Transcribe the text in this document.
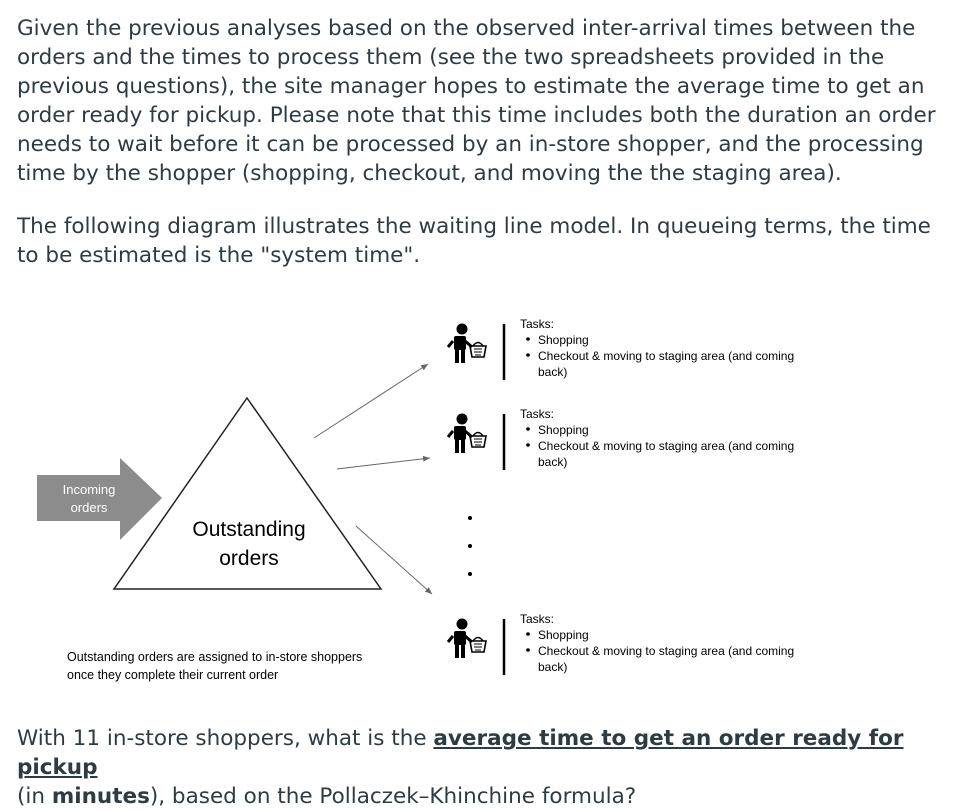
Given the previous analyses based on the observed inter-arrival times between the orders and the times to process them (see the two spreadsheets provided in the previous questions), the site manager hopes to estimate the average time to get an order ready for pickup. Please note that this time includes both the duration an order needs to wait before it can be processed by an in-store shopper, and the processing time by the shopper (shopping, checkout, and moving the the staging area).

The following diagram illustrates the waiting line model. In queueing terms, the time to be estimated is the "system time".

Incoming
orders
Outstanding
orders
Outstanding orders are assigned to in-store shoppers
once they complete their current order
Tasks:
Shopping
Checkout & moving to staging area (and coming
back)
Tasks:
Shopping
Checkout & moving to staging area (and coming
back)
Tasks:
Shopping
Checkout & moving to staging area (and coming
back)

With 11 in-store shoppers, what is the average time to get an order ready for pickup
(in minutes), based on the Pollaczek–Khinchine formula?
